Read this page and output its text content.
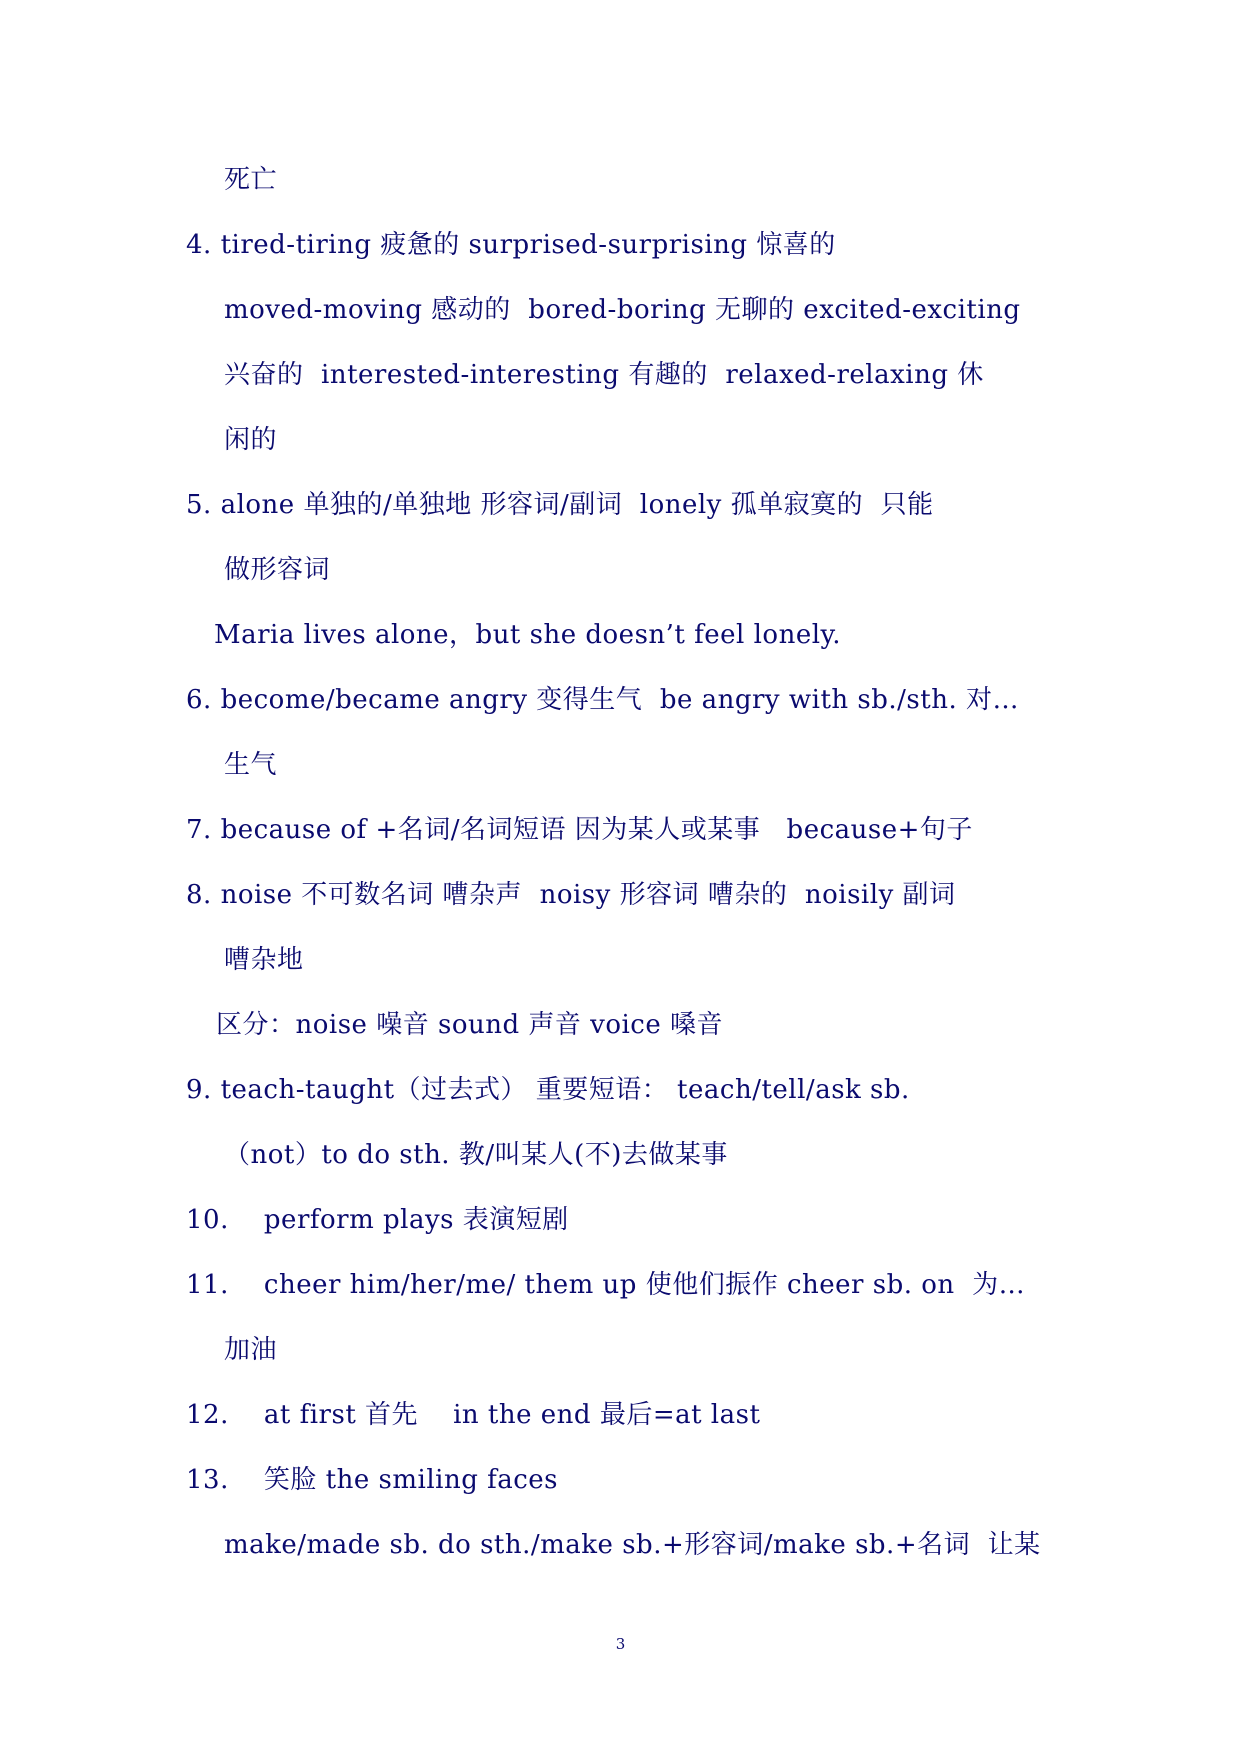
死亡
4. tired-tiring 疲惫的 surprised-surprising 惊喜的
moved-moving 感动的  bored-boring 无聊的 excited-exciting
兴奋的  interested-interesting 有趣的  relaxed-relaxing 休
闲的
5. alone 单独的/单独地 形容词/副词  lonely 孤单寂寞的  只能
做形容词
Maria lives alone，but she doesn’t feel lonely.
6. become/became angry 变得生气  be angry with sb./sth. 对…
生气
7. because of +名词/名词短语 因为某人或某事   because+句子
8. noise 不可数名词 嘈杂声  noisy 形容词 嘈杂的  noisily 副词
嘈杂地
区分：noise 噪音 sound 声音 voice 嗓音
9. teach-taught（过去式） 重要短语： teach/tell/ask sb.
（not）to do sth. 教/叫某人(不)去做某事
10.    perform plays 表演短剧
11.    cheer him/her/me/ them up 使他们振作 cheer sb. on  为…
加油
12.    at first 首先    in the end 最后=at last
13.    笑脸 the smiling faces
make/made sb. do sth./make sb.+形容词/make sb.+名词  让某
3
